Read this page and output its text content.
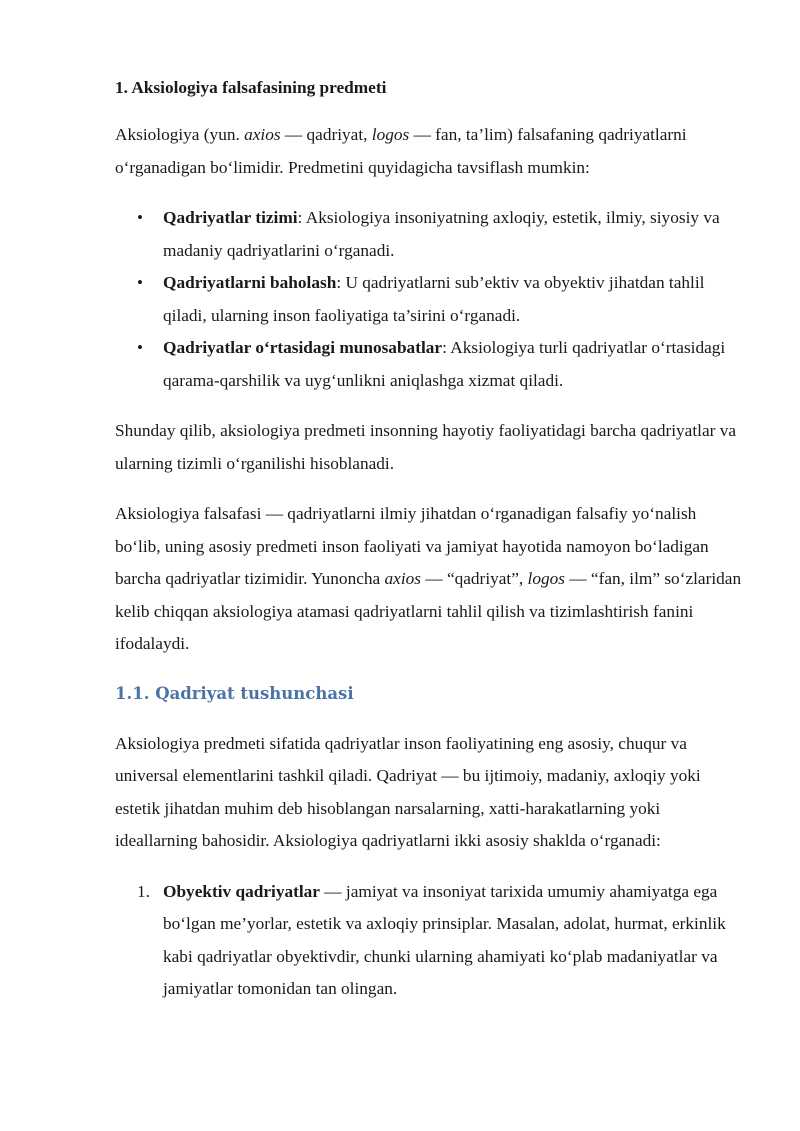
1. Aksiologiya falsafasining predmeti

Aksiologiya (yun. axios — qadriyat, logos — fan, ta’lim) falsafaning qadriyatlarni o‘rganadigan bo‘limidir. Predmetini quyidagicha tavsiflash mumkin:

• Qadriyatlar tizimi: Aksiologiya insoniyatning axloqiy, estetik, ilmiy, siyosiy va madaniy qadriyatlarini o‘rganadi.
• Qadriyatlarni baholash: U qadriyatlarni sub’ektiv va obyektiv jihatdan tahlil qiladi, ularning inson faoliyatiga ta’sirini o‘rganadi.
• Qadriyatlar o‘rtasidagi munosabatlar: Aksiologiya turli qadriyatlar o‘rtasidagi qarama-qarshilik va uyg‘unlikni aniqlashga xizmat qiladi.

Shunday qilib, aksiologiya predmeti insonning hayotiy faoliyatidagi barcha qadriyatlar va ularning tizimli o‘rganilishi hisoblanadi.

Aksiologiya falsafasi — qadriyatlarni ilmiy jihatdan o‘rganadigan falsafiy yo‘nalish bo‘lib, uning asosiy predmeti inson faoliyati va jamiyat hayotida namoyon bo‘ladigan barcha qadriyatlar tizimidir. Yunoncha axios — “qadriyat”, logos — “fan, ilm” so‘zlaridan kelib chiqqan aksiologiya atamasi qadriyatlarni tahlil qilish va tizimlashtirish fanini ifodalaydi.

1.1. Qadriyat tushunchasi

Aksiologiya predmeti sifatida qadriyatlar inson faoliyatining eng asosiy, chuqur va universal elementlarini tashkil qiladi. Qadriyat — bu ijtimoiy, madaniy, axloqiy yoki estetik jihatdan muhim deb hisoblangan narsalarning, xatti-harakatlarning yoki ideallarning bahosidir. Aksiologiya qadriyatlarni ikki asosiy shaklda o‘rganadi:

1. Obyektiv qadriyatlar — jamiyat va insoniyat tarixida umumiy ahamiyatga ega bo‘lgan me’yorlar, estetik va axloqiy prinsiplar. Masalan, adolat, hurmat, erkinlik kabi qadriyatlar obyektivdir, chunki ularning ahamiyati ko‘plab madaniyatlar va jamiyatlar tomonidan tan olingan.
